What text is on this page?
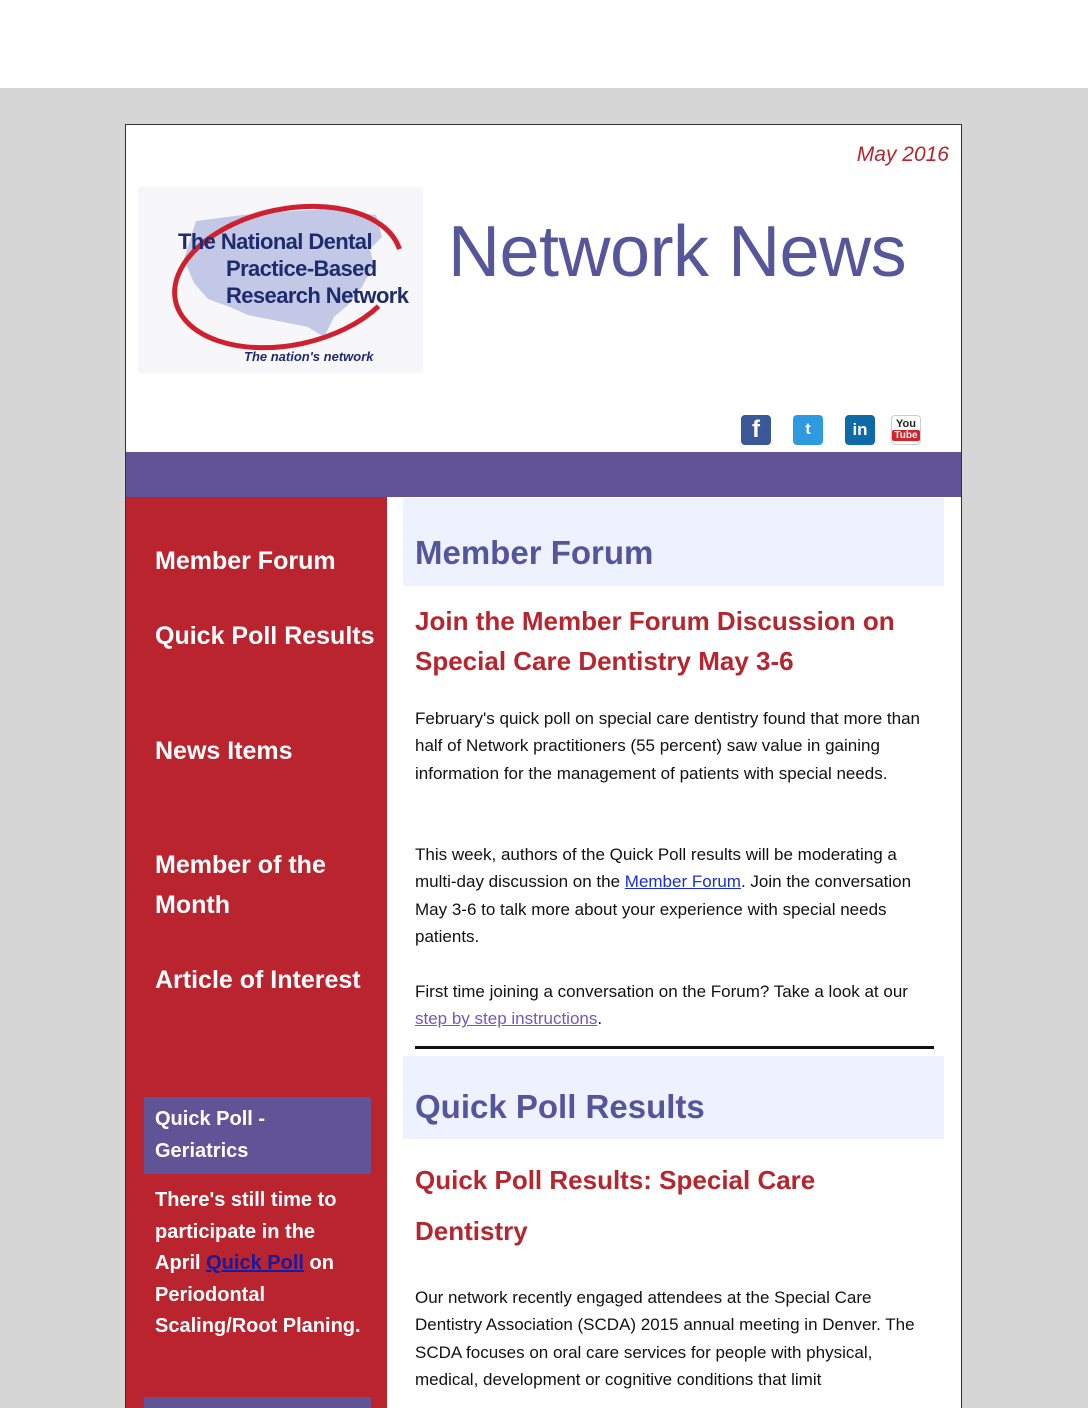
May 2016
The National Dental
Practice-Based
Research Network
The nation's network
Network News
f	t in	You
Tube
Member Forum
Quick Poll Results
News Items
Member of the Month
Article of Interest
Quick Poll - Geriatrics
There's still time to participate in the April Quick Poll on Periodontal Scaling/Root Planing.
Member Forum
Join the Member Forum Discussion on Special Care Dentistry May 3-6
February's quick poll on special care dentistry found that more than half of Network practitioners (55 percent) saw value in gaining information for the management of patients with special needs.
This week, authors of the Quick Poll results will be moderating a multi-day discussion on the Member Forum. Join the conversation May 3-6 to talk more about your experience with special needs patients.
First time joining a conversation on the Forum? Take a look at our step by step instructions.
Quick Poll Results
Quick Poll Results: Special Care Dentistry
Our network recently engaged attendees at the Special Care Dentistry Association (SCDA) 2015 annual meeting in Denver. The SCDA focuses on oral care services for people with physical, medical, development or cognitive conditions that limit
